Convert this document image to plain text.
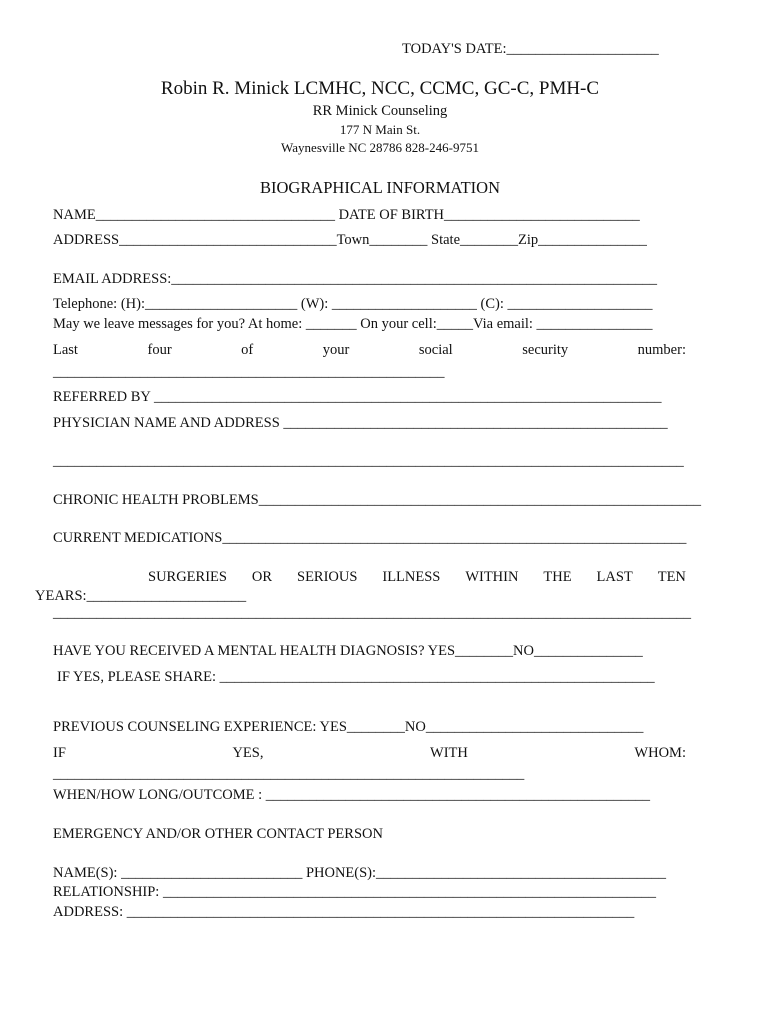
TODAY'S DATE:_____________________
Robin R. Minick LCMHC, NCC, CCMC, GC-C, PMH-C
RR Minick Counseling
177 N Main St.
Waynesville NC 28786 828-246-9751
BIOGRAPHICAL INFORMATION
NAME_________________________________ DATE OF BIRTH___________________________
ADDRESS______________________________Town________ State________Zip_______________
EMAIL ADDRESS:___________________________________________________________________
Telephone: (H):_____________________ (W): ____________________ (C): ____________________
May we leave messages for you? At home: _______ On your cell:_____Via email: ________________
Last	four	of	your	social	security	number:
______________________________________________________
REFERRED BY ______________________________________________________________________
PHYSICIAN NAME AND ADDRESS _____________________________________________________
_______________________________________________________________________________________
CHRONIC HEALTH PROBLEMS_____________________________________________________________
CURRENT MEDICATIONS________________________________________________________________
SURGERIES OR SERIOUS ILLNESS WITHIN THE LAST TEN
YEARS:______________________
________________________________________________________________________________________
HAVE YOU RECEIVED A MENTAL HEALTH DIAGNOSIS? YES________NO_______________
IF YES, PLEASE SHARE: ____________________________________________________________
PREVIOUS COUNSELING EXPERIENCE: YES________NO______________________________
IF	YES,	WITH	WHOM:
_________________________________________________________________
WHEN/HOW LONG/OUTCOME : _____________________________________________________
EMERGENCY AND/OR OTHER CONTACT PERSON
NAME(S): _________________________ PHONE(S):________________________________________
RELATIONSHIP: ____________________________________________________________________
ADDRESS: ______________________________________________________________________
